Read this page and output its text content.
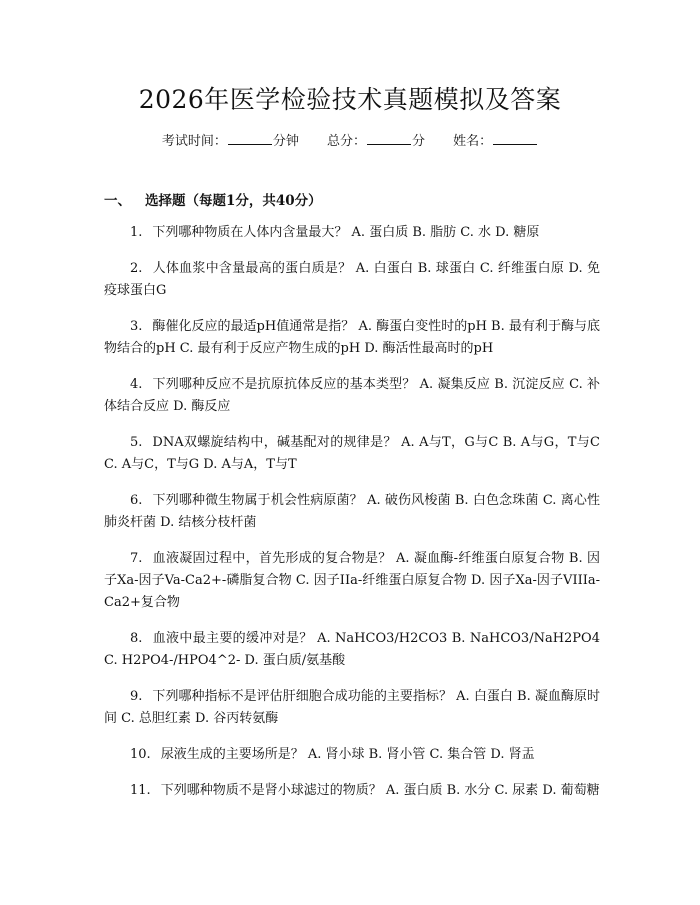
2026年医学检验技术真题模拟及答案
考试时间：	分钟 总分：	分 姓名：
一、 选择题（每题1分，共40分）

1. 下列哪种物质在人体内含量最大？ A. 蛋白质 B. 脂肪 C. 水 D. 糖原

2. 人体血浆中含量最高的蛋白质是？ A. 白蛋白 B. 球蛋白 C. 纤维蛋白原 D. 免疫球蛋白G

3. 酶催化反应的最适pH值通常是指？ A. 酶蛋白变性时的pH B. 最有利于酶与底物结合的pH C. 最有利于反应产物生成的pH D. 酶活性最高时的pH

4. 下列哪种反应不是抗原抗体反应的基本类型？ A. 凝集反应 B. 沉淀反应 C. 补体结合反应 D. 酶反应

5. DNA双螺旋结构中，碱基配对的规律是？ A. A与T，G与C B. A与G，T与C C. A与C，T与G D. A与A，T与T

6. 下列哪种微生物属于机会性病原菌？ A. 破伤风梭菌 B. 白色念珠菌 C. 离心性肺炎杆菌 D. 结核分枝杆菌

7. 血液凝固过程中，首先形成的复合物是？ A. 凝血酶-纤维蛋白原复合物 B. 因子Xa-因子Va-Ca2+-磷脂复合物 C. 因子IIa-纤维蛋白原复合物 D. 因子Xa-因子VIIIa-Ca2+复合物

8. 血液中最主要的缓冲对是？ A. NaHCO3/H2CO3 B. NaHCO3/NaH2PO4 C. H2PO4-/HPO4^2- D. 蛋白质/氨基酸

9. 下列哪种指标不是评估肝细胞合成功能的主要指标？ A. 白蛋白 B. 凝血酶原时间 C. 总胆红素 D. 谷丙转氨酶

10. 尿液生成的主要场所是？ A. 肾小球 B. 肾小管 C. 集合管 D. 肾盂

11. 下列哪种物质不是肾小球滤过的物质？ A. 蛋白质 B. 水分 C. 尿素 D. 葡萄糖
